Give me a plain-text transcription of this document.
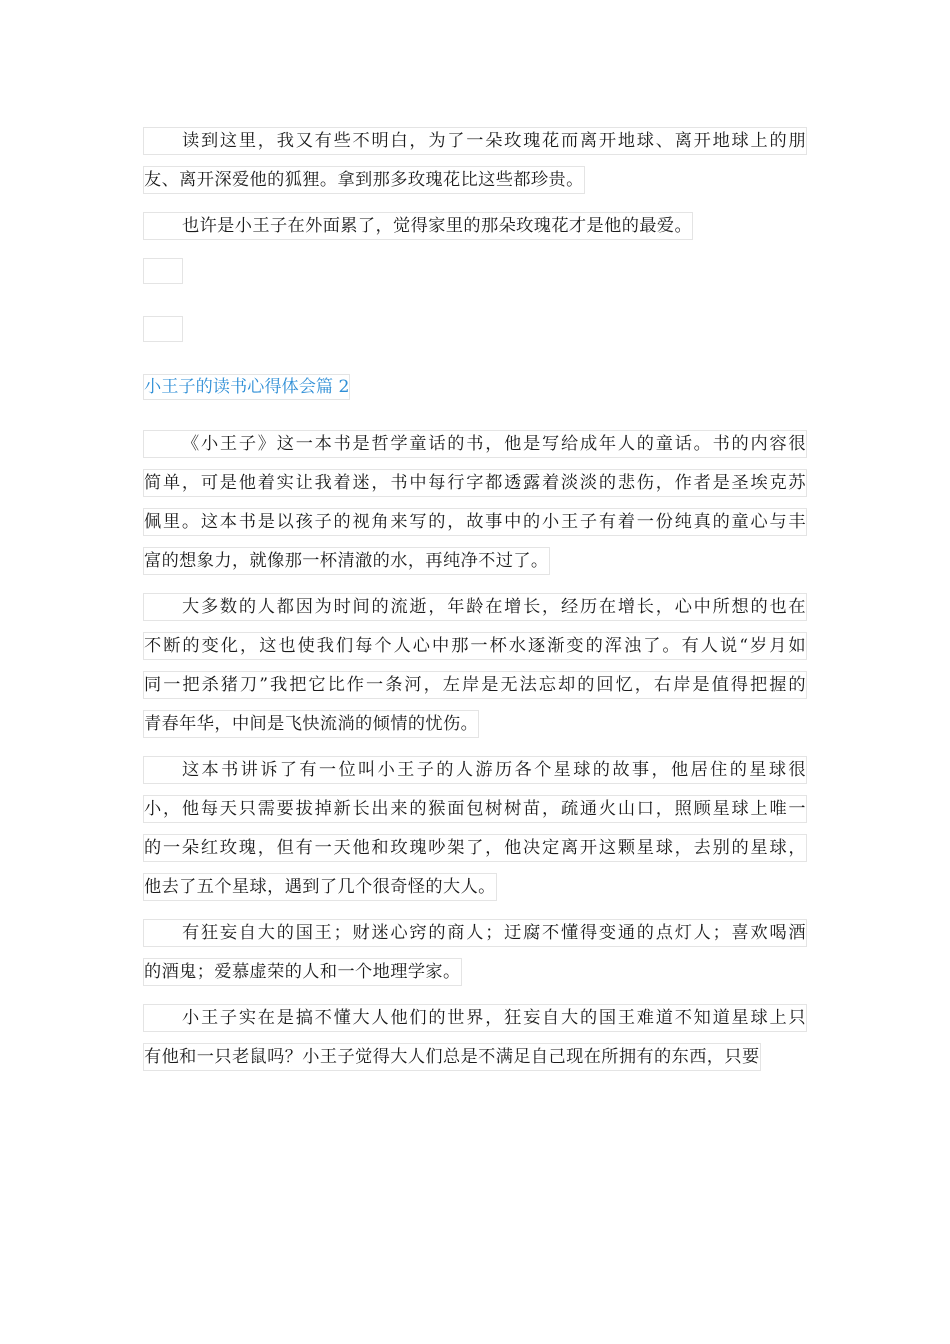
读到这里，我又有些不明白，为了一朵玫瑰花而离开地球、离开地球上的朋
友、离开深爱他的狐狸。拿到那多玫瑰花比这些都珍贵。
也许是小王子在外面累了，觉得家里的那朵玫瑰花才是他的最爱。
小王子的读书心得体会篇 2
《小王子》这一本书是哲学童话的书，他是写给成年人的童话。书的内容很
简单，可是他着实让我着迷，书中每行字都透露着淡淡的悲伤，作者是圣埃克苏
佩里。这本书是以孩子的视角来写的，故事中的小王子有着一份纯真的童心与丰
富的想象力，就像那一杯清澈的水，再纯净不过了。
大多数的人都因为时间的流逝，年龄在增长，经历在增长，心中所想的也在
不断的变化，这也使我们每个人心中那一杯水逐渐变的浑浊了。有人说“岁月如
同一把杀猪刀”我把它比作一条河，左岸是无法忘却的回忆，右岸是值得把握的
青春年华，中间是飞快流淌的倾情的忧伤。
这本书讲诉了有一位叫小王子的人游历各个星球的故事，他居住的星球很
小，他每天只需要拔掉新长出来的猴面包树树苗，疏通火山口，照顾星球上唯一
的一朵红玫瑰，但有一天他和玫瑰吵架了，他决定离开这颗星球，去别的星球，
他去了五个星球，遇到了几个很奇怪的大人。
有狂妄自大的国王；财迷心窍的商人；迂腐不懂得变通的点灯人；喜欢喝酒
的酒鬼；爱慕虚荣的人和一个地理学家。
小王子实在是搞不懂大人他们的世界，狂妄自大的国王难道不知道星球上只
有他和一只老鼠吗？小王子觉得大人们总是不满足自己现在所拥有的东西，只要
